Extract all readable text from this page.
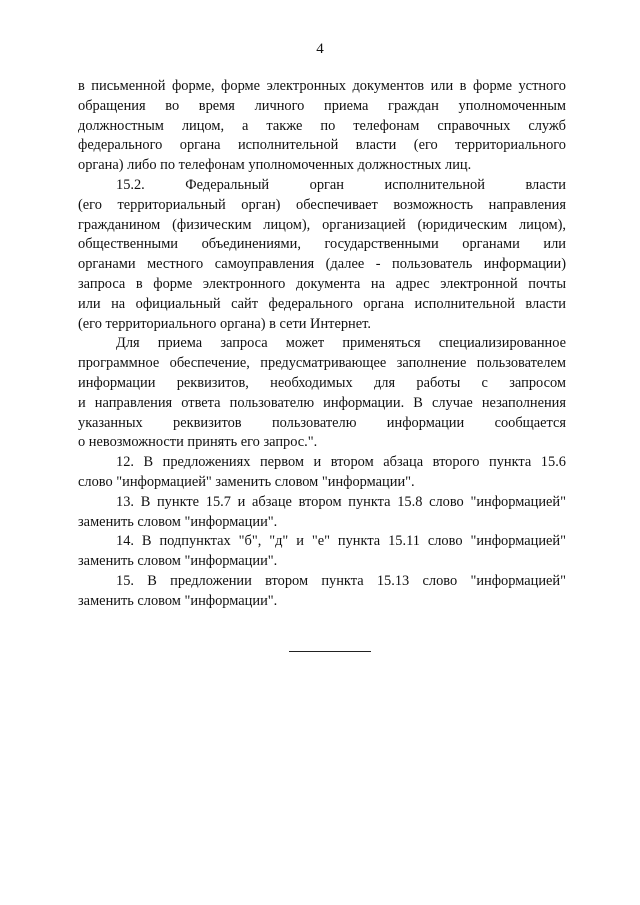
4
в письменной форме, форме электронных документов или в форме устного
обращения во время личного приема граждан уполномоченным
должностным лицом, а также по телефонам справочных служб
федерального органа исполнительной власти (его территориального
органа) либо по телефонам уполномоченных должностных лиц.
15.2. Федеральный орган исполнительной власти
(его территориальный орган) обеспечивает возможность направления
гражданином (физическим лицом), организацией (юридическим лицом),
общественными объединениями, государственными органами или
органами местного самоуправления (далее - пользователь информации)
запроса в форме электронного документа на адрес электронной почты
или на официальный сайт федерального органа исполнительной власти
(его территориального органа) в сети Интернет.
Для приема запроса может применяться специализированное
программное обеспечение, предусматривающее заполнение пользователем
информации реквизитов, необходимых для работы с запросом
и направления ответа пользователю информации. В случае незаполнения
указанных реквизитов пользователю информации сообщается
о невозможности принять его запрос.".
12. В предложениях первом и втором абзаца второго пункта 15.6
слово "информацией" заменить словом "информации".
13. В пункте 15.7 и абзаце втором пункта 15.8 слово "информацией"
заменить словом "информации".
14. В подпунктах "б", "д" и "е" пункта 15.11 слово "информацией"
заменить словом "информации".
15. В предложении втором пункта 15.13 слово "информацией"
заменить словом "информации".
